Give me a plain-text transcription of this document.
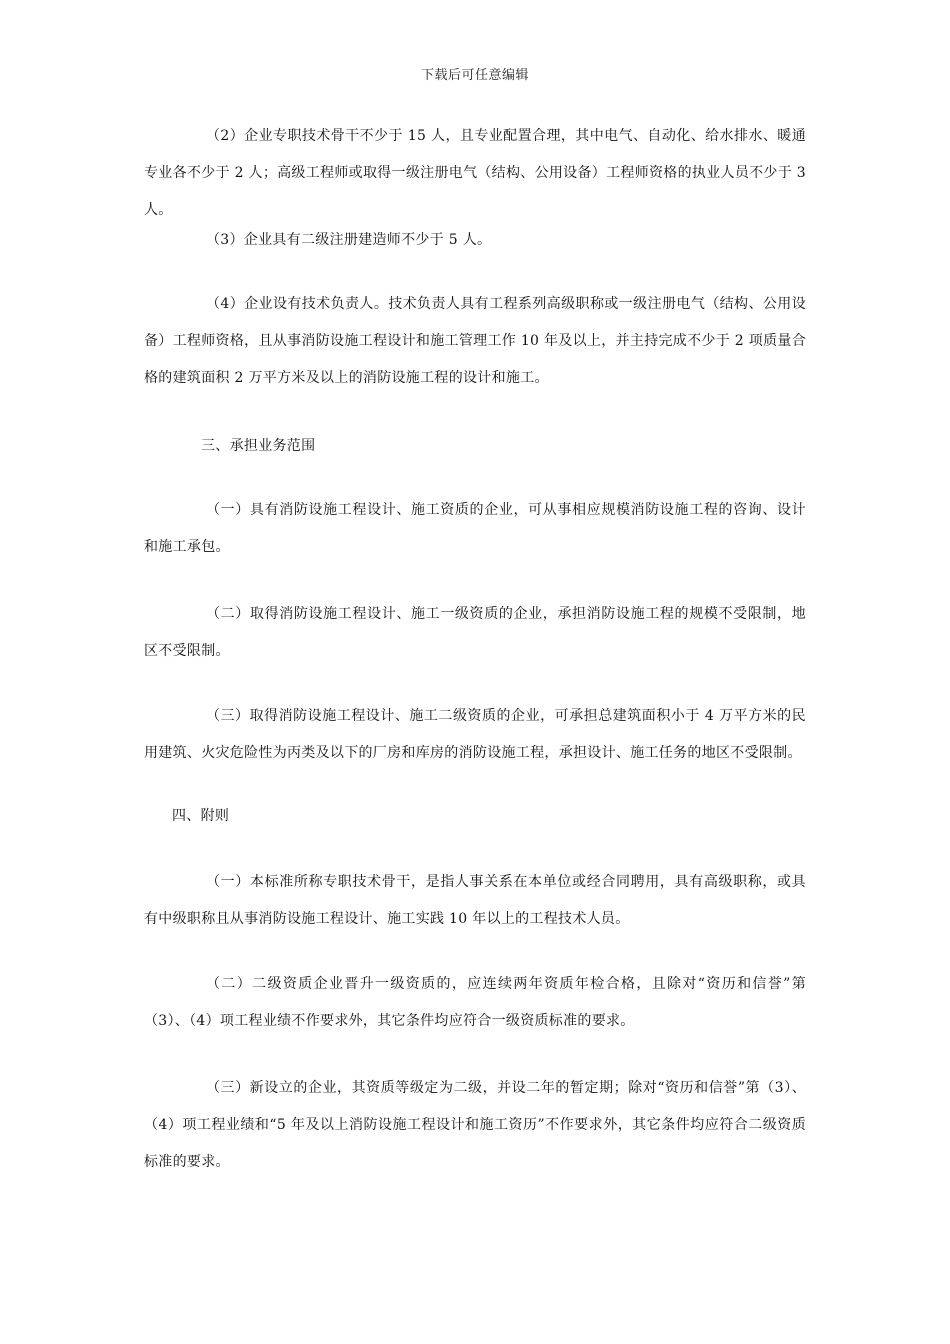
下载后可任意编辑

（2）企业专职技术骨干不少于 15 人，且专业配置合理，其中电气、自动化、给水排水、暖通专业各不少于 2 人；高级工程师或取得一级注册电气（结构、公用设备）工程师资格的执业人员不少于 3 人。

（3）企业具有二级注册建造师不少于 5 人。

（4）企业设有技术负责人。技术负责人具有工程系列高级职称或一级注册电气（结构、公用设备）工程师资格，且从事消防设施工程设计和施工管理工作 10 年及以上，并主持完成不少于 2 项质量合格的建筑面积 2 万平方米及以上的消防设施工程的设计和施工。

三、承担业务范围

（一）具有消防设施工程设计、施工资质的企业，可从事相应规模消防设施工程的咨询、设计和施工承包。

（二）取得消防设施工程设计、施工一级资质的企业，承担消防设施工程的规模不受限制，地区不受限制。

（三）取得消防设施工程设计、施工二级资质的企业，可承担总建筑面积小于 4 万平方米的民用建筑、火灾危险性为丙类及以下的厂房和库房的消防设施工程，承担设计、施工任务的地区不受限制。

四、附则

（一）本标准所称专职技术骨干，是指人事关系在本单位或经合同聘用，具有高级职称，或具有中级职称且从事消防设施工程设计、施工实践 10 年以上的工程技术人员。

（二）二级资质企业晋升一级资质的，应连续两年资质年检合格，且除对“资历和信誉”第（3）、（4）项工程业绩不作要求外，其它条件均应符合一级资质标准的要求。

（三）新设立的企业，其资质等级定为二级，并设二年的暂定期；除对“资历和信誉”第（3）、（4）项工程业绩和“5 年及以上消防设施工程设计和施工资历”不作要求外，其它条件均应符合二级资质标准的要求。
